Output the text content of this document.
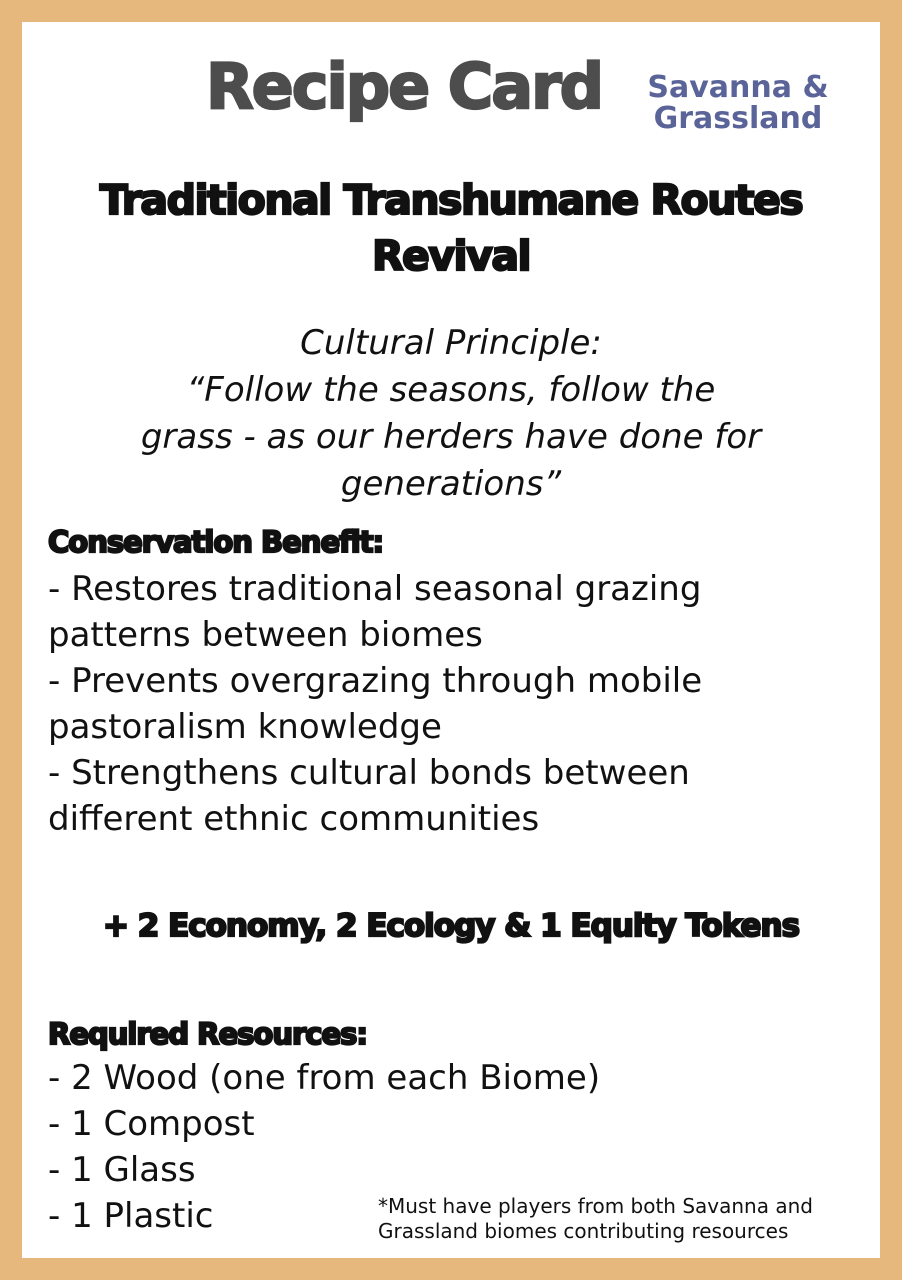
Recipe Card	Savanna &
Grassland
Traditional Transhumane Routes
Revival
Cultural Principle:
“Follow the seasons, follow the
grass - as our herders have done for
generations”
Conservation Benefit:
- Restores traditional seasonal grazing
patterns between biomes
- Prevents overgrazing through mobile
pastoralism knowledge
- Strengthens cultural bonds between
different ethnic communities
+ 2 Economy, 2 Ecology & 1 Equity Tokens
Required Resources:
- 2 Wood (one from each Biome)
- 1 Compost
- 1 Glass
- 1 Plastic	*Must have players from both Savanna and
Grassland biomes contributing resources
